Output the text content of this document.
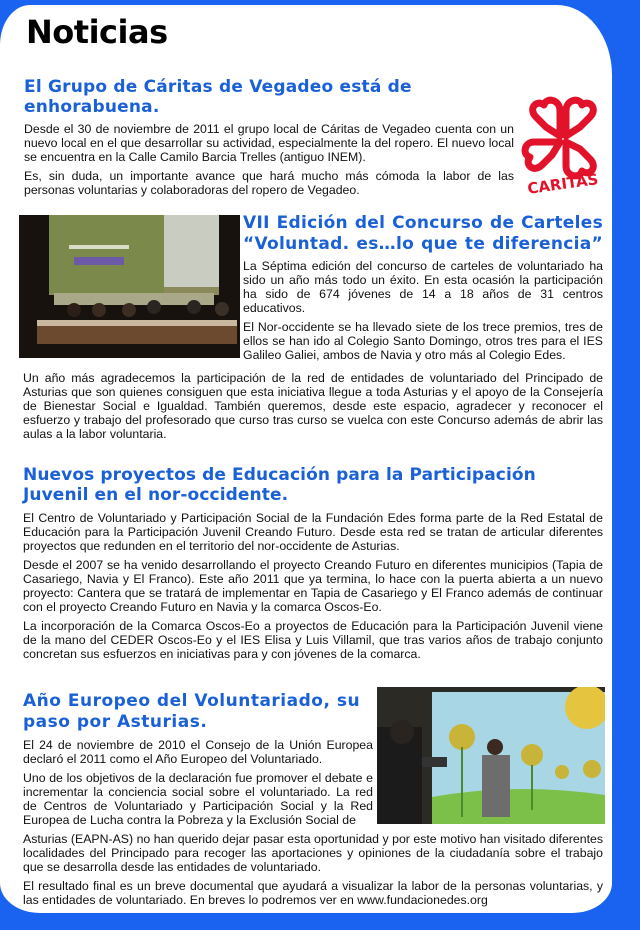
Noticias
El Grupo de Cáritas de Vegadeo está de enhorabuena.

Desde el 30 de noviembre de 2011 el grupo local de Cáritas de Vegadeo cuenta con un nuevo local en el que desarrollar su actividad, especialmente la del ropero. El nuevo local se encuentra en la Calle Camilo Barcia Trelles (antiguo INEM).

Es, sin duda, un importante avance que hará mucho más cómoda la labor de las personas voluntarias y colaboradoras del ropero de Vegadeo.	CARITAS
VII Edición del Concurso de Carteles
“Voluntad. es…lo que te diferencia”

La Séptima edición del concurso de carteles de voluntariado ha sido un año más todo un éxito. En esta ocasión la participación ha sido de 674 jóvenes de 14 a 18 años de 31 centros educativos.

El Nor-occidente se ha llevado siete de los trece premios, tres de ellos se han ido al Colegio Santo Domingo, otros tres para el IES Galileo Galiei, ambos de Navia y otro más al Colegio Edes.

Un año más agradecemos la participación de la red de entidades de voluntariado del Principado de Asturias que son quienes consiguen que esta iniciativa llegue a toda Asturias y el apoyo de la Consejería de Bienestar Social e Igualdad. También queremos, desde este espacio, agradecer y reconocer el esfuerzo y trabajo del profesorado que curso tras curso se vuelca con este Concurso además de abrir las aulas a la labor voluntaria.

Nuevos proyectos de Educación para la Participación Juvenil en el nor-occidente.

El Centro de Voluntariado y Participación Social de la Fundación Edes forma parte de la Red Estatal de Educación para la Participación Juvenil Creando Futuro. Desde esta red se tratan de articular diferentes proyectos que redunden en el territorio del nor-occidente de Asturias.

Desde el 2007 se ha venido desarrollando el proyecto Creando Futuro en diferentes municipios (Tapia de Casariego, Navia y El Franco). Este año 2011 que ya termina, lo hace con la puerta abierta a un nuevo proyecto: Cantera que se tratará de implementar en Tapia de Casariego y El Franco además de continuar con el proyecto Creando Futuro en Navia y la comarca Oscos-Eo.

La incorporación de la Comarca Oscos-Eo a proyectos de Educación para la Participación Juvenil viene de la mano del CEDER Oscos-Eo y el IES Elisa y Luis Villamil, que tras varios años de trabajo conjunto concretan sus esfuerzos en iniciativas para y con jóvenes de la comarca.

Año Europeo del Voluntariado, su paso por Asturias.

El 24 de noviembre de 2010 el Consejo de la Unión Europea declaró el 2011 como el Año Europeo del Voluntariado.

Uno de los objetivos de la declaración fue promover el debate e incrementar la conciencia social sobre el voluntariado. La red de Centros de Voluntariado y Participación Social y la Red Europea de Lucha contra la Pobreza y la Exclusión Social de

Asturias (EAPN-AS) no han querido dejar pasar esta oportunidad y por este motivo han visitado diferentes localidades del Principado para recoger las aportaciones y opiniones de la ciudadanía sobre el trabajo que se desarrolla desde las entidades de voluntariado.

El resultado final es un breve documental que ayudará a visualizar la labor de la personas voluntarias, y las entidades de voluntariado. En breves lo podremos ver en www.fundacionedes.org
